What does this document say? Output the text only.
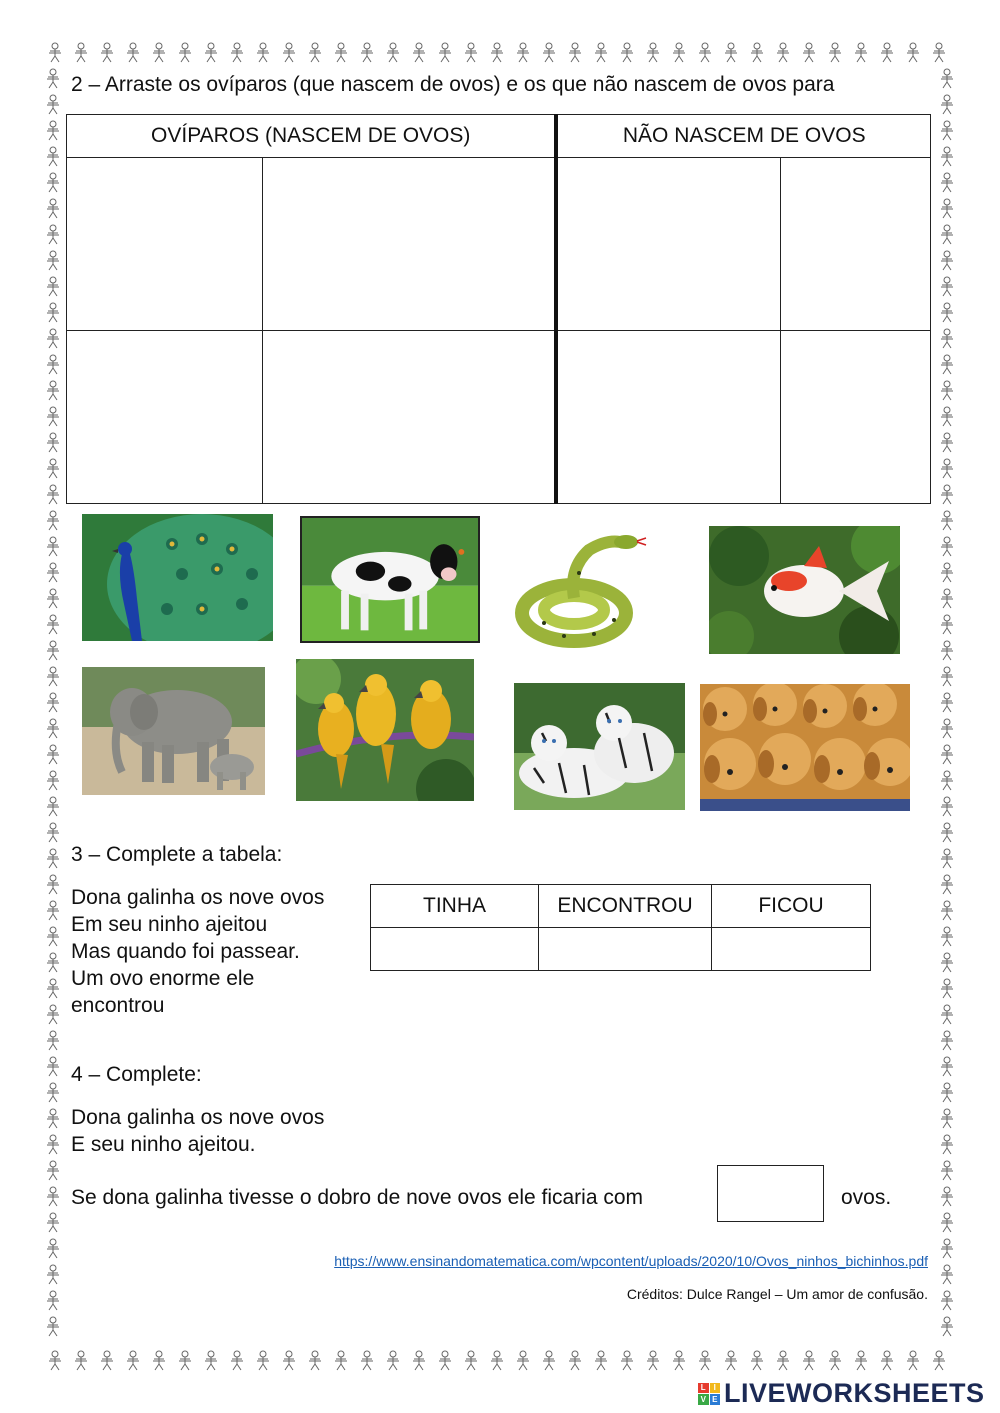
2 – Arraste os ovíparos (que nascem de ovos) e os que não nascem de ovos para
OVÍPAROS (NASCEM DE OVOS)		NÃO NASCEM DE OVOS	

3 – Complete a tabela:
Dona galinha os nove ovos
Em seu ninho ajeitou
Mas quando foi passear.
Um ovo enorme ele
encontrou
TINHA	ENCONTROU	FICOU

4 – Complete:
Dona galinha os nove ovos
E seu ninho ajeitou.
Se dona galinha tivesse o dobro de nove ovos ele ficaria com	ovos.
https://www.ensinandomatematica.com/wpcontent/uploads/2020/10/Ovos_ninhos_bichinhos.pdf
Créditos: Dulce Rangel – Um amor de confusão.
L I
V E LIVEWORKSHEETS
